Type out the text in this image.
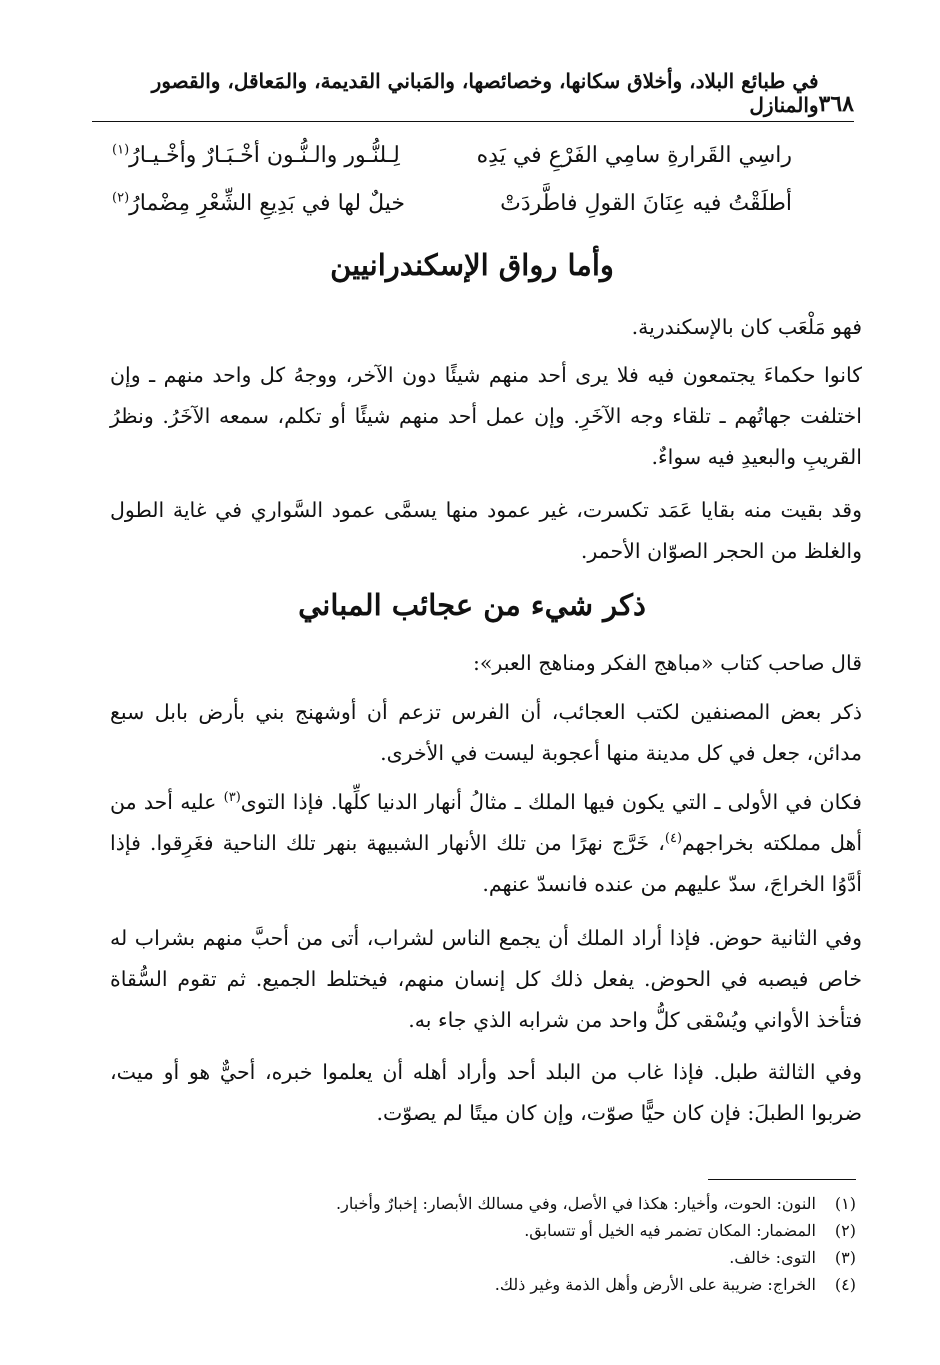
٣٦٨
في طبائع البلاد، وأخلاق سكانها، وخصائصها، والمَباني القديمة، والمَعاقل، والقصور والمنازل
راسِي القَرارةِ سامِي الفَرْعِ في يَدِه
لِـلنُّـور والـنُّـون أخْـبَـارٌ وأخْـيـارُ$^{(١)}$
أطلَقْتُ فيه عِنَانَ القولِ فاطَّردَتْ
خيلٌ لها في بَدِيعِ الشِّعْرِ مِضْمارُ$^{(٢)}$
وأما رواق الإسكندرانيين

فهو مَلْعَب كان بالإسكندرية.

كانوا حكماءَ يجتمعون فيه فلا يرى أحد منهم شيئًا دون الآخر، ووجهُ كل واحد منهم ـ وإن اختلفت جهاتُهم ـ تلقاء وجه الآخَرِ. وإن عمل أحد منهم شيئًا أو تكلم، سمعه الآخَرُ. ونظرُ القريبِ والبعيدِ فيه سواءٌ.

وقد بقيت منه بقايا عَمَد تكسرت، غير عمود منها يسمَّى عمود السَّواري في غاية الطول والغلظ من الحجر الصوّان الأحمر.

ذكر شيء من عجائب المباني

قال صاحب كتاب «مباهج الفكر ومناهج العبر»:

ذكر بعض المصنفين لكتب العجائب، أن الفرس تزعم أن أوشهنج بني بأرض بابل سبع مدائن، جعل في كل مدينة منها أعجوبة ليست في الأخرى.

فكان في الأولى ـ التي يكون فيها الملك ـ مثالُ أنهار الدنيا كلِّها. فإذا التوى$^{(٣)}$ عليه أحد من أهل مملكته بخراجهم$^{(٤)}$، خَرَّج نهرًا من تلك الأنهار الشبيهة بنهر تلك الناحية فغَرِقوا. فإذا أدَّوُا الخراجَ، سدّ عليهم من عنده فانسدّ عنهم.

وفي الثانية حوض. فإذا أراد الملك أن يجمع الناس لشراب، أتى من أحبَّ منهم بشراب له خاص فيصبه في الحوض. يفعل ذلك كل إنسان منهم، فيختلط الجميع. ثم تقوم السُّقاة فتأخذ الأواني ويُسْقى كلُّ واحد من شرابه الذي جاء به.

وفي الثالثة طبل. فإذا غاب من البلد أحد وأراد أهله أن يعلموا خبره، أحيٌّ هو أو ميت، ضربوا الطبلَ: فإن كان حيًّا صوّت، وإن كان ميتًا لم يصوّت.

(١)
النون: الحوت، وأخيار: هكذا في الأصل، وفي مسالك الأبصار: إخبارٌ وأخبار.
(٢)
المضمار: المكان تضمر فيه الخيل أو تتسابق.
(٣)
التوى: خالف.
(٤)
الخراج: ضريبة على الأرض وأهل الذمة وغير ذلك.
